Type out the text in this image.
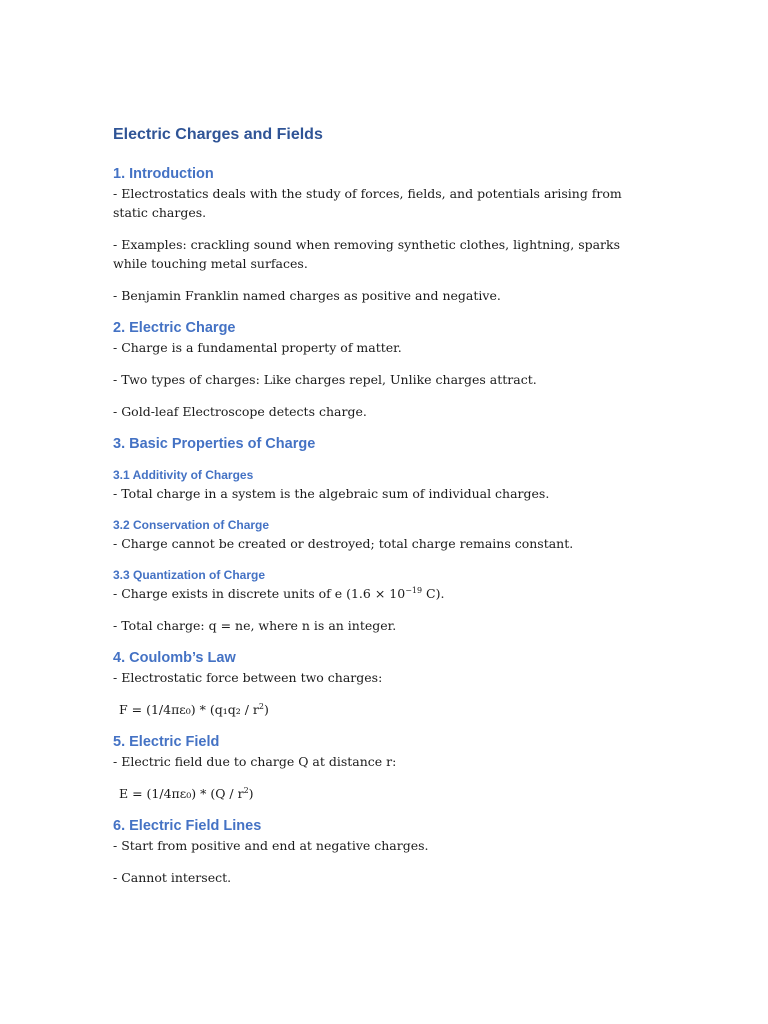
Electric Charges and Fields
1. Introduction
- Electrostatics deals with the study of forces, fields, and potentials arising from static charges.
- Examples: crackling sound when removing synthetic clothes, lightning, sparks while touching metal surfaces.
- Benjamin Franklin named charges as positive and negative.
2. Electric Charge
- Charge is a fundamental property of matter.
- Two types of charges: Like charges repel, Unlike charges attract.
- Gold-leaf Electroscope detects charge.
3. Basic Properties of Charge
3.1 Additivity of Charges
- Total charge in a system is the algebraic sum of individual charges.
3.2 Conservation of Charge
- Charge cannot be created or destroyed; total charge remains constant.
3.3 Quantization of Charge
- Charge exists in discrete units of e ($1.6 \times 10^{-19}$ C).
- Total charge: q = ne, where n is an integer.
4. Coulomb’s Law
- Electrostatic force between two charges:
$F = (1/4\pi\varepsilon_0) * (q_1q_2 / r^2)$
5. Electric Field
- Electric field due to charge Q at distance r:
$E = (1/4\pi\varepsilon_0) * (Q / r^2)$
6. Electric Field Lines
- Start from positive and end at negative charges.
- Cannot intersect.
